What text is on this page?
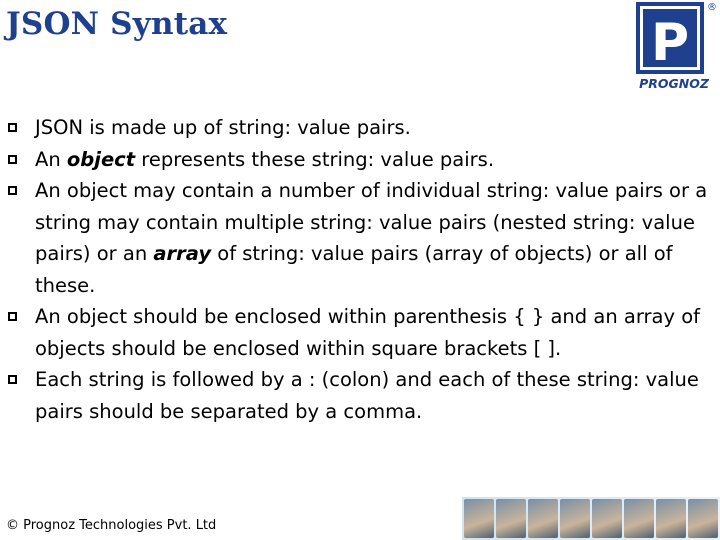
JSON Syntax	P
®
PROGNOZ
JSON is made up of string: value pairs.
An object represents these string: value pairs.
An object may contain a number of individual string: value pairs or a string may contain multiple string: value pairs (nested string: value pairs) or an array of string: value pairs (array of objects) or all of these.
An object should be enclosed within parenthesis { } and an array of objects should be enclosed within square brackets [ ].
Each string is followed by a : (colon) and each of these string: value pairs should be separated by a comma.
© Prognoz Technologies Pvt. Ltd
